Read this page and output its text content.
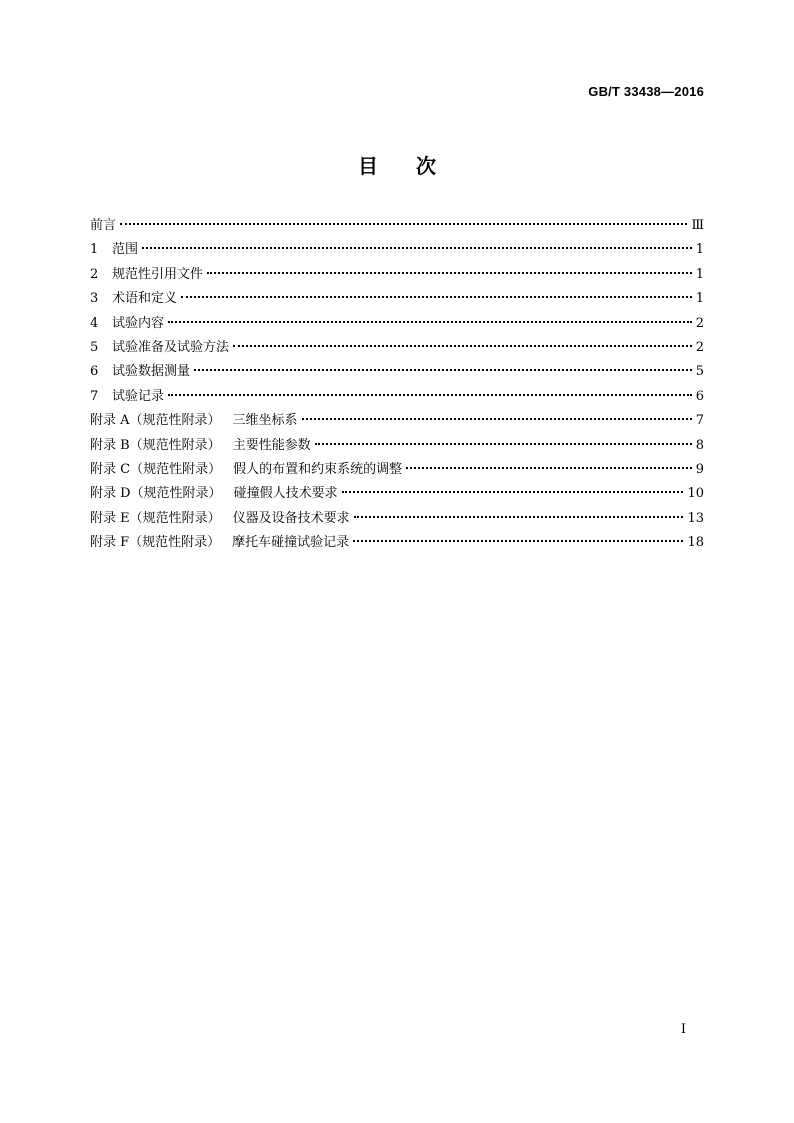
GB/T 33438—2016
目次
前言	Ⅲ
1 范围	1
2 规范性引用文件	1
3 术语和定义	1
4 试验内容	2
5 试验准备及试验方法	2
6 试验数据测量	5
7 试验记录	6
附录 A（规范性附录） 三维坐标系	7
附录 B（规范性附录） 主要性能参数	8
附录 C（规范性附录） 假人的布置和约束系统的调整	9
附录 D（规范性附录） 碰撞假人技术要求	10
附录 E（规范性附录） 仪器及设备技术要求	13
附录 F（规范性附录） 摩托车碰撞试验记录	18
I
